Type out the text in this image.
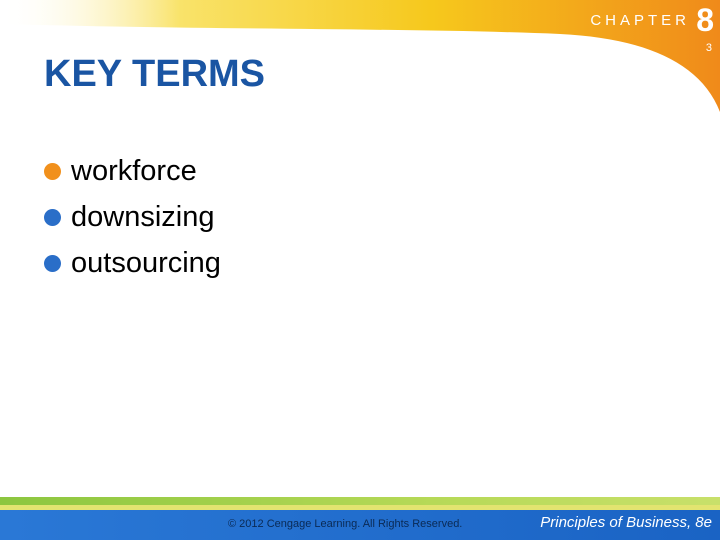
CHAPTER 8
3
KEY TERMS
workforce
downsizing
outsourcing
© 2012 Cengage Learning. All Rights Reserved.	Principles of Business, 8e
